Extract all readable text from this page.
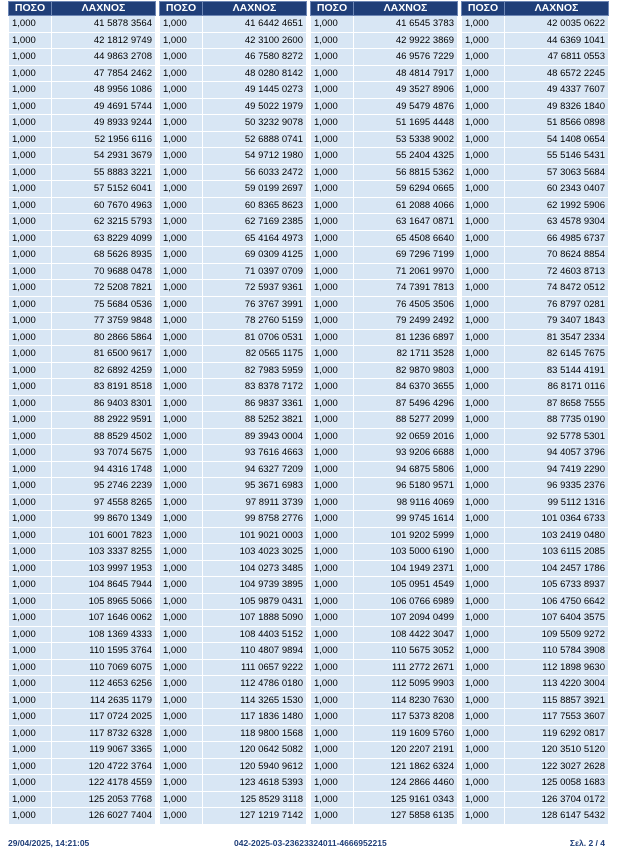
ΠΟΣΟ	ΛΑΧΝΟΣ
1,000	41 5878 3564
1,000	42 1812 9749
1,000	44 9863 2708
1,000	47 7854 2462
1,000	48 9956 1086
1,000	49 4691 5744
1,000	49 8933 9244
1,000	52 1956 6116
1,000	54 2931 3679
1,000	55 8883 3221
1,000	57 5152 6041
1,000	60 7670 4963
1,000	62 3215 5793
1,000	63 8229 4099
1,000	68 5626 8935
1,000	70 9688 0478
1,000	72 5208 7821
1,000	75 5684 0536
1,000	77 3759 9848
1,000	80 2866 5864
1,000	81 6500 9617
1,000	82 6892 4259
1,000	83 8191 8518
1,000	86 9403 8301
1,000	88 2922 9591
1,000	88 8529 4502
1,000	93 7074 5675
1,000	94 4316 1748
1,000	95 2746 2239
1,000	97 4558 8265
1,000	99 8670 1349
1,000	101 6001 7823
1,000	103 3337 8255
1,000	103 9997 1953
1,000	104 8645 7944
1,000	105 8965 5066
1,000	107 1646 0062
1,000	108 1369 4333
1,000	110 1595 3764
1,000	110 7069 6075
1,000	112 4653 6256
1,000	114 2635 1179
1,000	117 0724 2025
1,000	117 8732 6328
1,000	119 9067 3365
1,000	120 4722 3764
1,000	122 4178 4559
1,000	125 2053 7768
1,000	126 6027 7404
ΠΟΣΟ	ΛΑΧΝΟΣ
1,000	41 6442 4651
1,000	42 3100 2600
1,000	46 7580 8272
1,000	48 0280 8142
1,000	49 1445 0273
1,000	49 5022 1979
1,000	50 3232 9078
1,000	52 6888 0741
1,000	54 9712 1980
1,000	56 6033 2472
1,000	59 0199 2697
1,000	60 8365 8623
1,000	62 7169 2385
1,000	65 4164 4973
1,000	69 0309 4125
1,000	71 0397 0709
1,000	72 5937 9361
1,000	76 3767 3991
1,000	78 2760 5159
1,000	81 0706 0531
1,000	82 0565 1175
1,000	82 7983 5959
1,000	83 8378 7172
1,000	86 9837 3361
1,000	88 5252 3821
1,000	89 3943 0004
1,000	93 7616 4663
1,000	94 6327 7209
1,000	95 3671 6983
1,000	97 8911 3739
1,000	99 8758 2776
1,000	101 9021 0003
1,000	103 4023 3025
1,000	104 0273 3485
1,000	104 9739 3895
1,000	105 9879 0431
1,000	107 1888 5090
1,000	108 4403 5152
1,000	110 4807 9894
1,000	111 0657 9222
1,000	112 4786 0180
1,000	114 3265 1530
1,000	117 1836 1480
1,000	118 9800 1568
1,000	120 0642 5082
1,000	120 5940 9612
1,000	123 4618 5393
1,000	125 8529 3118
1,000	127 1219 7142
ΠΟΣΟ	ΛΑΧΝΟΣ
1,000	41 6545 3783
1,000	42 9922 3869
1,000	46 9576 7229
1,000	48 4814 7917
1,000	49 3527 8906
1,000	49 5479 4876
1,000	51 1695 4448
1,000	53 5338 9002
1,000	55 2404 4325
1,000	56 8815 5362
1,000	59 6294 0665
1,000	61 2088 4066
1,000	63 1647 0871
1,000	65 4508 6640
1,000	69 7296 7199
1,000	71 2061 9970
1,000	74 7391 7813
1,000	76 4505 3506
1,000	79 2499 2492
1,000	81 1236 6897
1,000	82 1711 3528
1,000	82 9870 9803
1,000	84 6370 3655
1,000	87 5496 4296
1,000	88 5277 2099
1,000	92 0659 2016
1,000	93 9206 6688
1,000	94 6875 5806
1,000	96 5180 9571
1,000	98 9116 4069
1,000	99 9745 1614
1,000	101 9202 5999
1,000	103 5000 6190
1,000	104 1949 2371
1,000	105 0951 4549
1,000	106 0766 6989
1,000	107 2094 0499
1,000	108 4422 3047
1,000	110 5675 3052
1,000	111 2772 2671
1,000	112 5095 9903
1,000	114 8230 7630
1,000	117 5373 8208
1,000	119 1609 5760
1,000	120 2207 2191
1,000	121 1862 6324
1,000	124 2866 4460
1,000	125 9161 0343
1,000	127 5858 6135
ΠΟΣΟ	ΛΑΧΝΟΣ
1,000	42 0035 0622
1,000	44 6369 1041
1,000	47 6811 0553
1,000	48 6572 2245
1,000	49 4337 7607
1,000	49 8326 1840
1,000	51 8566 0898
1,000	54 1408 0654
1,000	55 5146 5431
1,000	57 3063 5684
1,000	60 2343 0407
1,000	62 1992 5906
1,000	63 4578 9304
1,000	66 4985 6737
1,000	70 8624 8854
1,000	72 4603 8713
1,000	74 8472 0512
1,000	76 8797 0281
1,000	79 3407 1843
1,000	81 3547 2334
1,000	82 6145 7675
1,000	83 5144 4191
1,000	86 8171 0116
1,000	87 8658 7555
1,000	88 7735 0190
1,000	92 5778 5301
1,000	94 4057 3796
1,000	94 7419 2290
1,000	96 9335 2376
1,000	99 5112 1316
1,000	101 0364 6733
1,000	103 2419 0480
1,000	103 6115 2085
1,000	104 2457 1786
1,000	105 6733 8937
1,000	106 4750 6642
1,000	107 6404 3575
1,000	109 5509 9272
1,000	110 5784 3908
1,000	112 1898 9630
1,000	113 4220 3004
1,000	115 8857 3921
1,000	117 7553 3607
1,000	119 6292 0817
1,000	120 3510 5120
1,000	122 3027 2628
1,000	125 0058 1683
1,000	126 3704 0172
1,000	128 6147 5432
29/04/2025, 14:21:05	042-2025-03-23623324011-4666952215	Σελ. 2 / 4
